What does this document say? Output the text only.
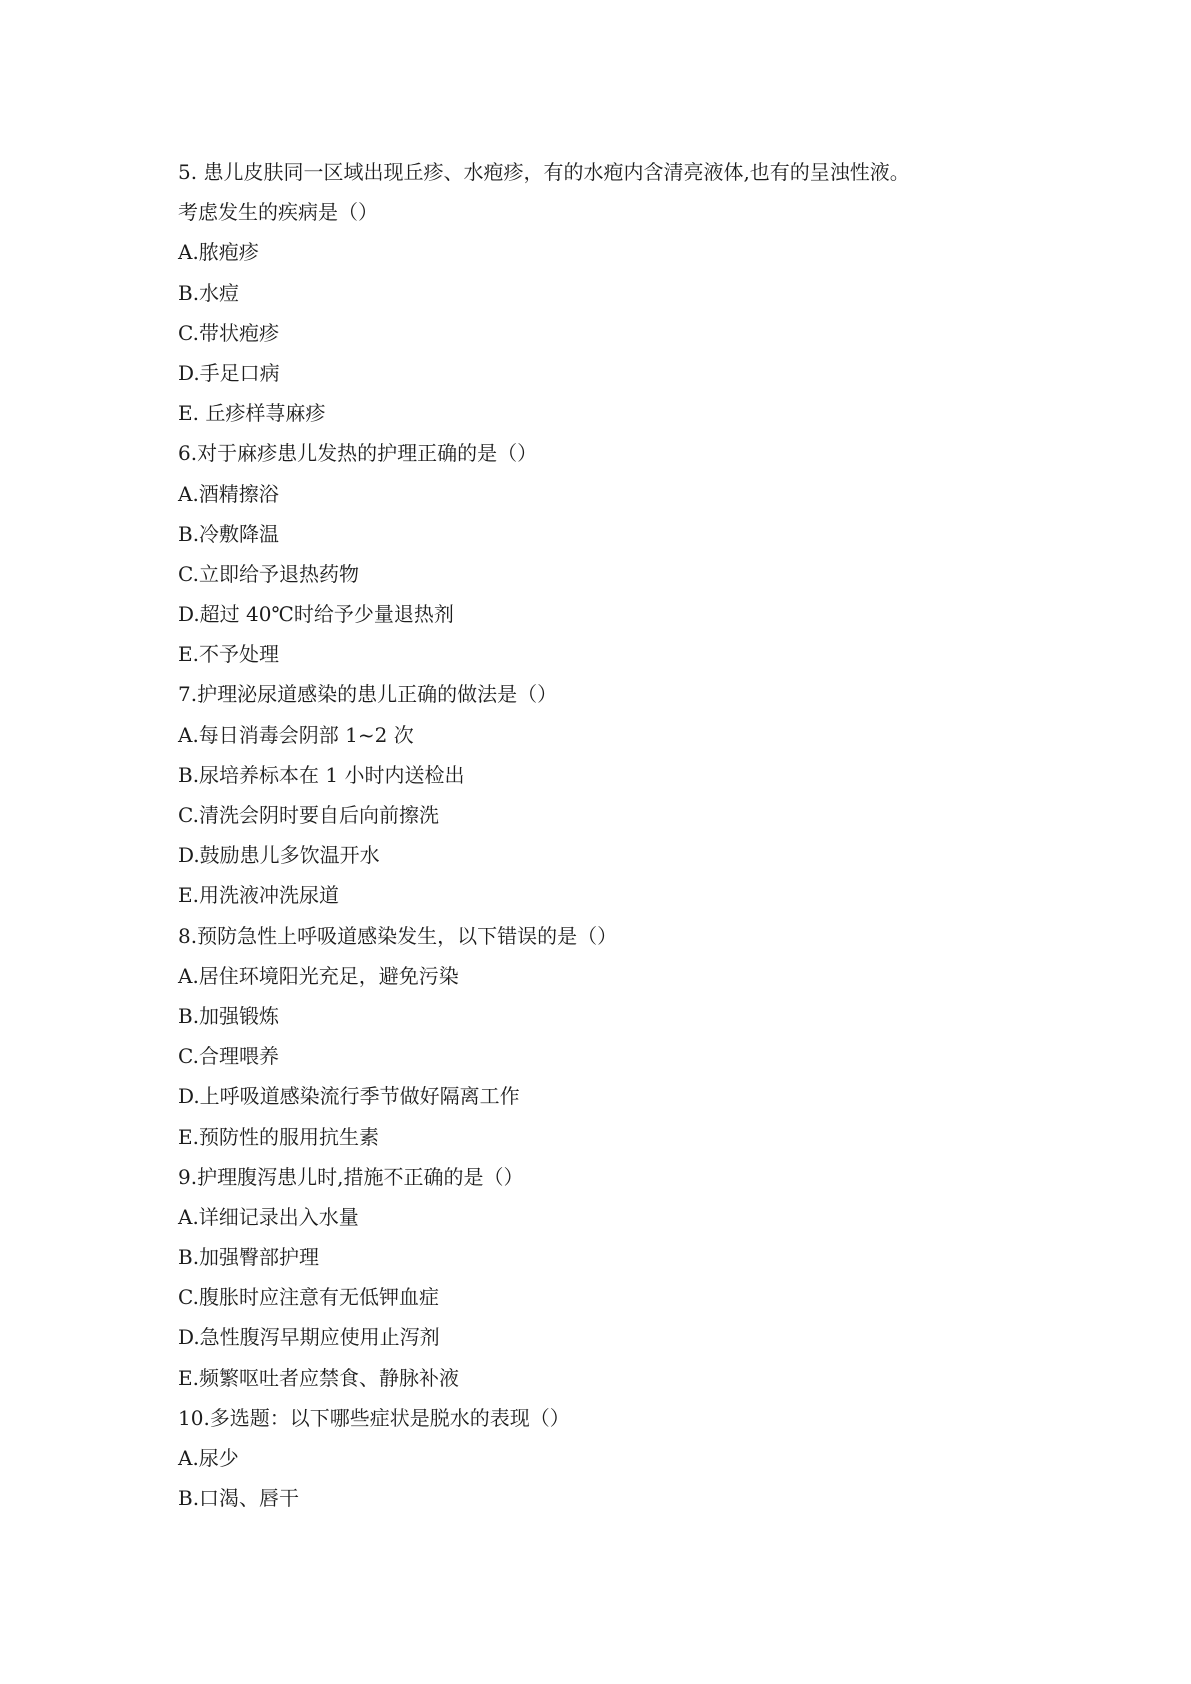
5. 患儿皮肤同一区域出现丘疹、水疱疹，有的水疱内含清亮液体,也有的呈浊性液。
考虑发生的疾病是（）
A.脓疱疹
B.水痘
C.带状疱疹
D.手足口病
E. 丘疹样荨麻疹
6.对于麻疹患儿发热的护理正确的是（）
A.酒精擦浴
B.冷敷降温
C.立即给予退热药物
D.超过 40℃时给予少量退热剂
E.不予处理
7.护理泌尿道感染的患儿正确的做法是（）
A.每日消毒会阴部 1~2 次
B.尿培养标本在 1 小时内送检出
C.清洗会阴时要自后向前擦洗
D.鼓励患儿多饮温开水
E.用洗液冲洗尿道
8.预防急性上呼吸道感染发生，以下错误的是（）
A.居住环境阳光充足，避免污染
B.加强锻炼
C.合理喂养
D.上呼吸道感染流行季节做好隔离工作
E.预防性的服用抗生素
9.护理腹泻患儿时,措施不正确的是（）
A.详细记录出入水量
B.加强臀部护理
C.腹胀时应注意有无低钾血症
D.急性腹泻早期应使用止泻剂
E.频繁呕吐者应禁食、静脉补液
10.多选题：以下哪些症状是脱水的表现（）
A.尿少
B.口渴、唇干
